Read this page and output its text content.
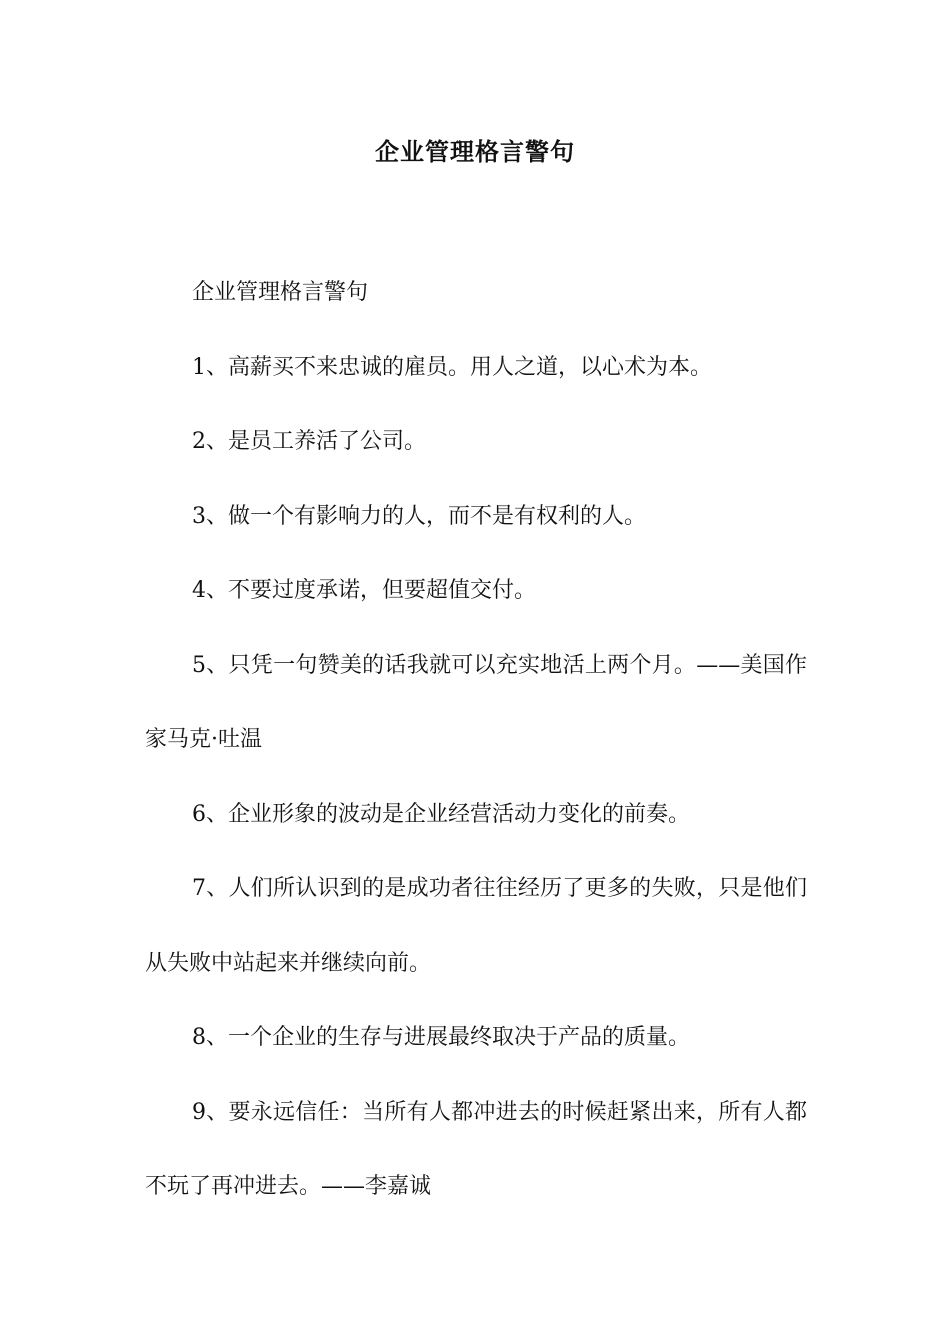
企业管理格言警句

企业管理格言警句

1、高薪买不来忠诚的雇员。用人之道，以心术为本。

2、是员工养活了公司。

3、做一个有影响力的人，而不是有权利的人。

4、不要过度承诺，但要超值交付。

5、只凭一句赞美的话我就可以充实地活上两个月。——美国作家马克·吐温

6、企业形象的波动是企业经营活动力变化的前奏。

7、人们所认识到的是成功者往往经历了更多的失败，只是他们从失败中站起来并继续向前。

8、一个企业的生存与进展最终取决于产品的质量。

9、要永远信任：当所有人都冲进去的时候赶紧出来，所有人都不玩了再冲进去。——李嘉诚
